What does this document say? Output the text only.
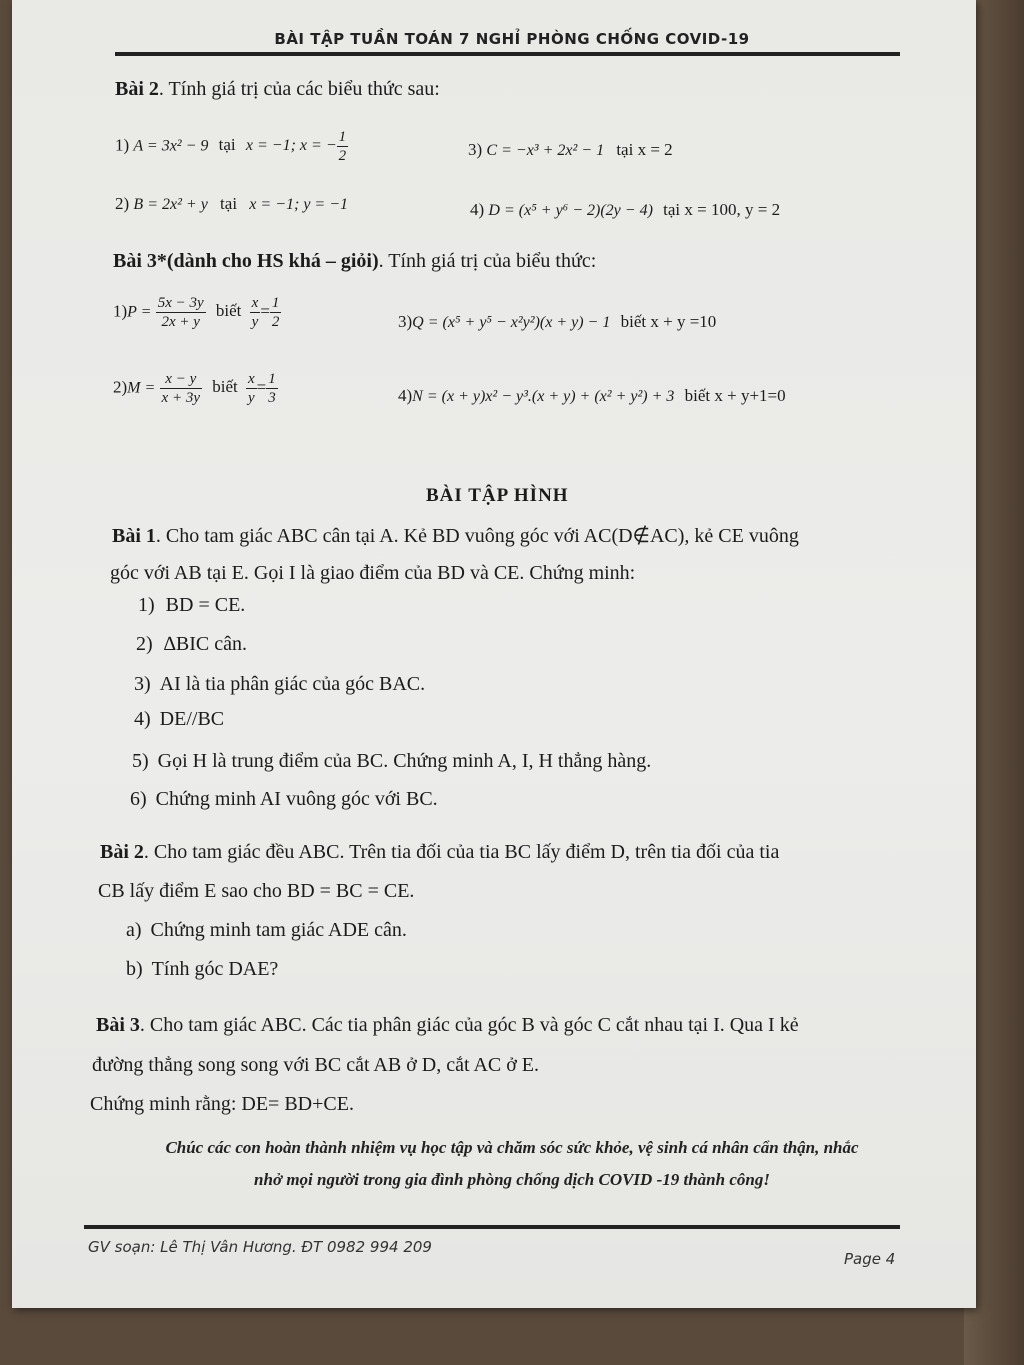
BÀI TẬP TUẦN TOÁN 7 NGHỈ PHÒNG CHỐNG COVID-19
Bài 2. Tính giá trị của các biểu thức sau:
1) A = 3x² − 9 tại x = −1; x = − $\frac{1}{2}$	3) C = −x³ + 2x² − 1 tại x = 2
2) B = 2x² + y tại x = −1; y = −1	4) D = (x⁵ + y⁶ − 2)(2y − 4) tại x = 100, y = 2
Bài 3*(dành cho HS khá – giỏi). Tính giá trị của biểu thức:
$1)P = \frac{5x - 3y}{2x + y}$ biết $\frac{x}{y} = \frac{1}{2}$	3)Q = (x⁵ + y⁵ − x²y²)(x + y) − 1 biết x + y =10
$2)M = \frac{x - y}{x + 3y}$ biết $\frac{x}{y} = \frac{1}{3}$	4)N = (x + y)x² − y³.(x + y) + (x² + y²) + 3 biết x + y+1=0
BÀI TẬP HÌNH
Bài 1. Cho tam giác ABC cân tại A. Kẻ BD vuông góc với AC(D∉AC), kẻ CE vuông
góc với AB tại E. Gọi I là giao điểm của BD và CE. Chứng minh:
1) BD = CE.
2) ∆BIC cân.
3) AI là tia phân giác của góc BAC.
4) DE//BC
5) Gọi H là trung điểm của BC. Chứng minh A, I, H thẳng hàng.
6) Chứng minh AI vuông góc với BC.
Bài 2. Cho tam giác đều ABC. Trên tia đối của tia BC lấy điểm D, trên tia đối của tia
CB lấy điểm E sao cho BD = BC = CE.
a) Chứng minh tam giác ADE cân.
b) Tính góc DAE?
Bài 3. Cho tam giác ABC. Các tia phân giác của góc B và góc C cắt nhau tại I. Qua I kẻ
đường thẳng song song với BC cắt AB ở D, cắt AC ở E.
Chứng minh rằng: DE= BD+CE.
Chúc các con hoàn thành nhiệm vụ học tập và chăm sóc sức khỏe, vệ sinh cá nhân cẩn thận, nhắc
nhở mọi người trong gia đình phòng chống dịch COVID -19 thành công!
GV soạn: Lê Thị Vân Hương. ĐT 0982 994 209
Page 4
